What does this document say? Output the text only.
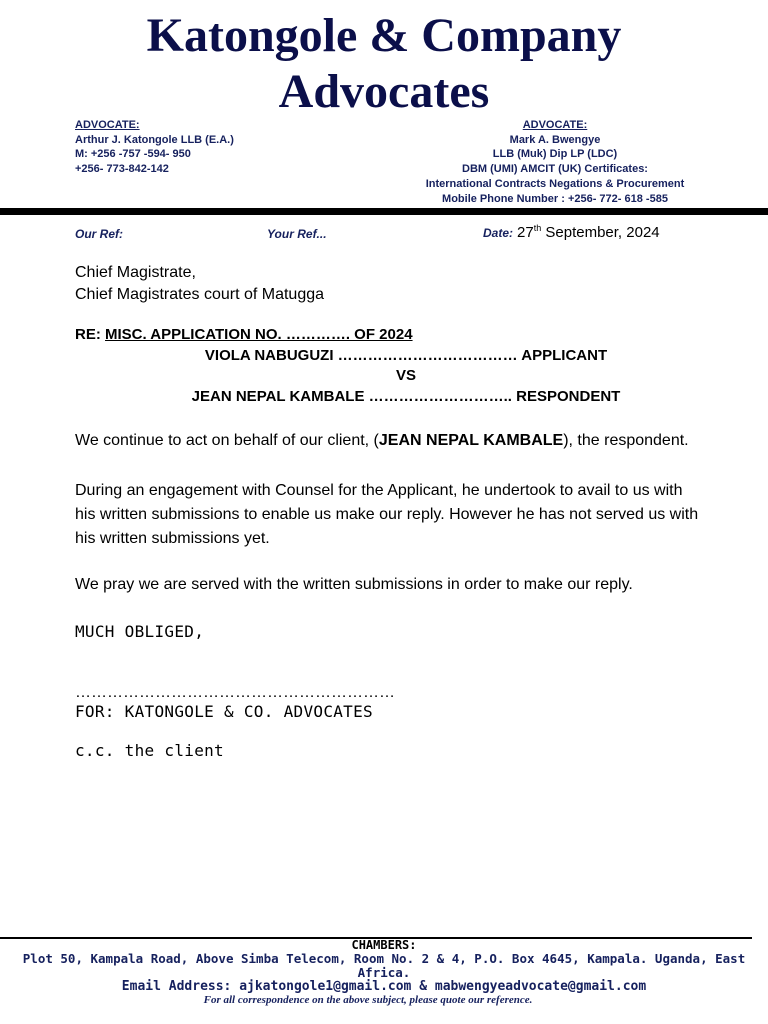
Katongole & Company
Advocates
ADVOCATE:
Arthur J. Katongole LLB (E.A.)
M: +256 -757 -594- 950
+256- 773-842-142
ADVOCATE:
Mark A. Bwengye
LLB (Muk) Dip LP (LDC)
DBM (UMI) AMCIT (UK) Certificates:
International Contracts Negations & Procurement
Mobile Phone Number : +256- 772- 618 -585
Our Ref:	Your Ref...	Date: 27th September, 2024
Chief Magistrate,
Chief Magistrates court of Matugga
RE: MISC. APPLICATION NO. …………. OF 2024
VIOLA NABUGUZI ……………………………… APPLICANT
VS
JEAN NEPAL KAMBALE ……………………….. RESPONDENT
We continue to act on behalf of our client, (JEAN NEPAL KAMBALE), the respondent.
During an engagement with Counsel for the Applicant, he undertook to avail to us with
his written submissions to enable us make our reply. However he has not served us with
his written submissions yet.
We pray we are served with the written submissions in order to make our reply.
MUCH OBLIGED,
……………………………………………………
FOR: KATONGOLE & CO. ADVOCATES
c.c. the client
CHAMBERS:
Plot 50, Kampala Road, Above Simba Telecom, Room No. 2 & 4, P.O. Box 4645, Kampala. Uganda, East
Africa.
Email Address: ajkatongole1@gmail.com & mabwengyeadvocate@gmail.com
For all correspondence on the above subject, please quote our reference.
